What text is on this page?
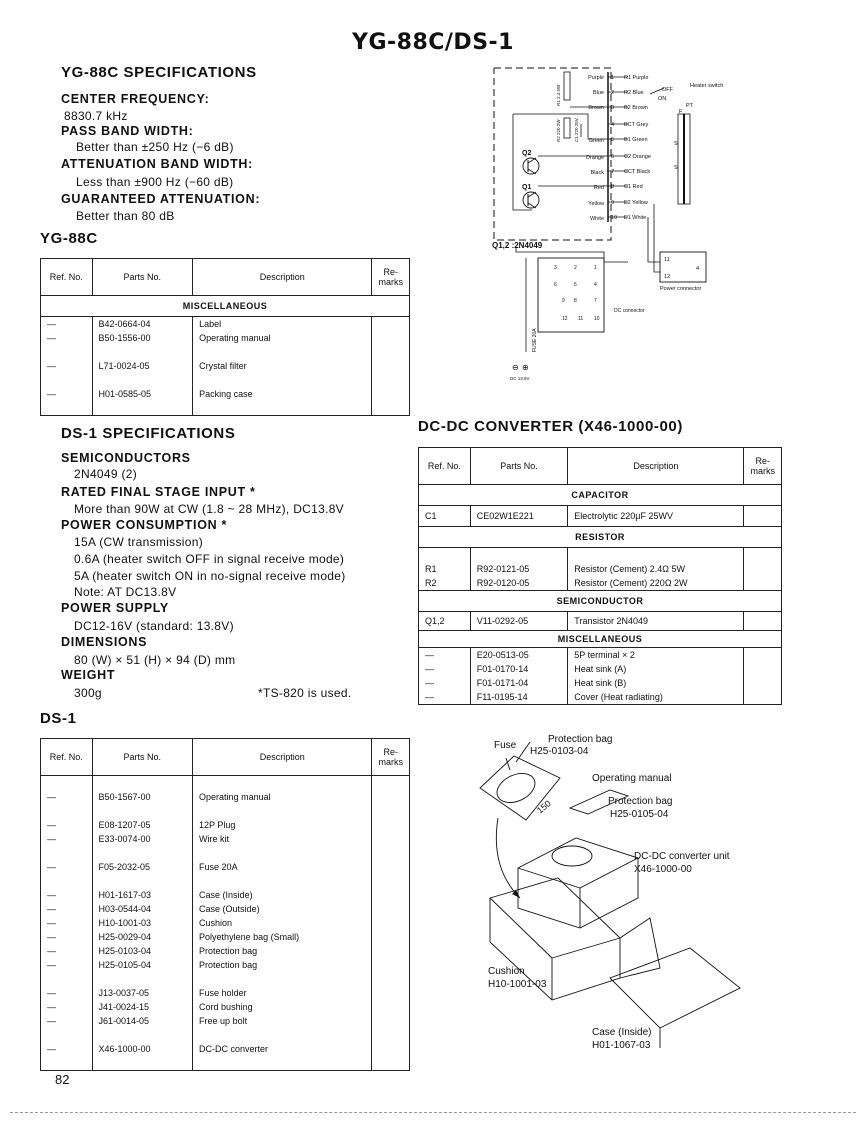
YG-88C/DS-1
YG-88C SPECIFICATIONS
CENTER FREQUENCY:
8830.7 kHz
PASS BAND WIDTH:
Better than ±250 Hz (−6 dB)
ATTENUATION BAND WIDTH:
Less than ±900 Hz (−60 dB)
GUARANTEED ATTENUATION:
Better than 80 dB
YG-88C
Ref. No.	Parts No.	Description	Re-marks
MISCELLANEOUS			
—	B42-0664-04	Label	
—	B50-1556-00	Operating manual	

—	L71-0024-05	Crystal filter	

—	H01-0585-05	Packing case	

DS-1 SPECIFICATIONS
SEMICONDUCTORS
2N4049 (2)
RATED FINAL STAGE INPUT *
More than 90W at CW (1.8 ~ 28 MHz), DC13.8V
POWER CONSUMPTION *
15A (CW transmission)
0.6A (heater switch OFF in signal receive mode)
5A (heater switch ON in no-signal receive mode)
Note: AT DC13.8V
POWER SUPPLY
DC12-16V (standard: 13.8V)
DIMENSIONS
80 (W) × 51 (H) × 94 (D) mm
WEIGHT
300g	*TS-820 is used.
DS-1
Ref. No.	Parts No.	Description	Re-marks

—	B50-1567-00	Operating manual	

—	E08-1207-05	12P Plug	
—	E33-0074-00	Wire kit	

—	F05-2032-05	Fuse 20A	

—	H01-1617-03	Case (Inside)	
—	H03-0544-04	Case (Outside)	
—	H10-1001-03	Cushion	
—	H25-0029-04	Polyethylene bag (Small)	
—	H25-0103-04	Protection bag	
—	H25-0105-04	Protection bag	

—	J13-0037-05	Fuse holder	
—	J41-0024-15	Cord bushing	
—	J61-0014-05	Free up bolt	

—	X46-1000-00	DC-DC converter	

DC-DC CONVERTER (X46-1000-00)
Ref. No.	Parts No.	Description	Re-marks
CAPACITOR			
C1	CE02W1E221	Electrolytic 220μF 25WV	
RESISTOR			

R1	R92-0121-05	Resistor (Cement) 2.4Ω 5W	
R2	R92-0120-05	Resistor (Cement) 220Ω 2W	
SEMICONDUCTOR			
Q1,2	V11-0292-05	Transistor 2N4049	
MISCELLANEOUS			
—	E20-0513-05	5P terminal × 2	
—	F01-0170-14	Heat sink (A)	
—	F01-0171-04	Heat sink (B)	
—	F11-0195-14	Cover (Heat radiating)	
Purple
Blue
Brown
Green
Orange
Black
Red
Yellow
White
1
2
3
4
5
6
7
8
9
10
R1 Purple
R2 Blue
B2 Brown
BCT Grey
B1 Green
C2 Orange
CCT Black
C1 Red
E2 Yellow
E1 White
Heater switch
OFF
ON
PT
F
S
S
R1 2.4 5W
R2 220 2W	C1 220 25V
Q2
Q1
Q1,2 :2N4049
11
12
4
Power connector
3	2	1
6	5	4
9 8	7
12 11 10
DC connector
FUSE 20A
⊖ ⊕
DC 13.8V
Fuse
Protection bag
H25-0103-04
150
Operating manual
Protection bag
H25-0105-04
DC-DC converter unit
X46-1000-00
Cushion
H10-1001-03
Case (Inside)
H01-1067-03
82
